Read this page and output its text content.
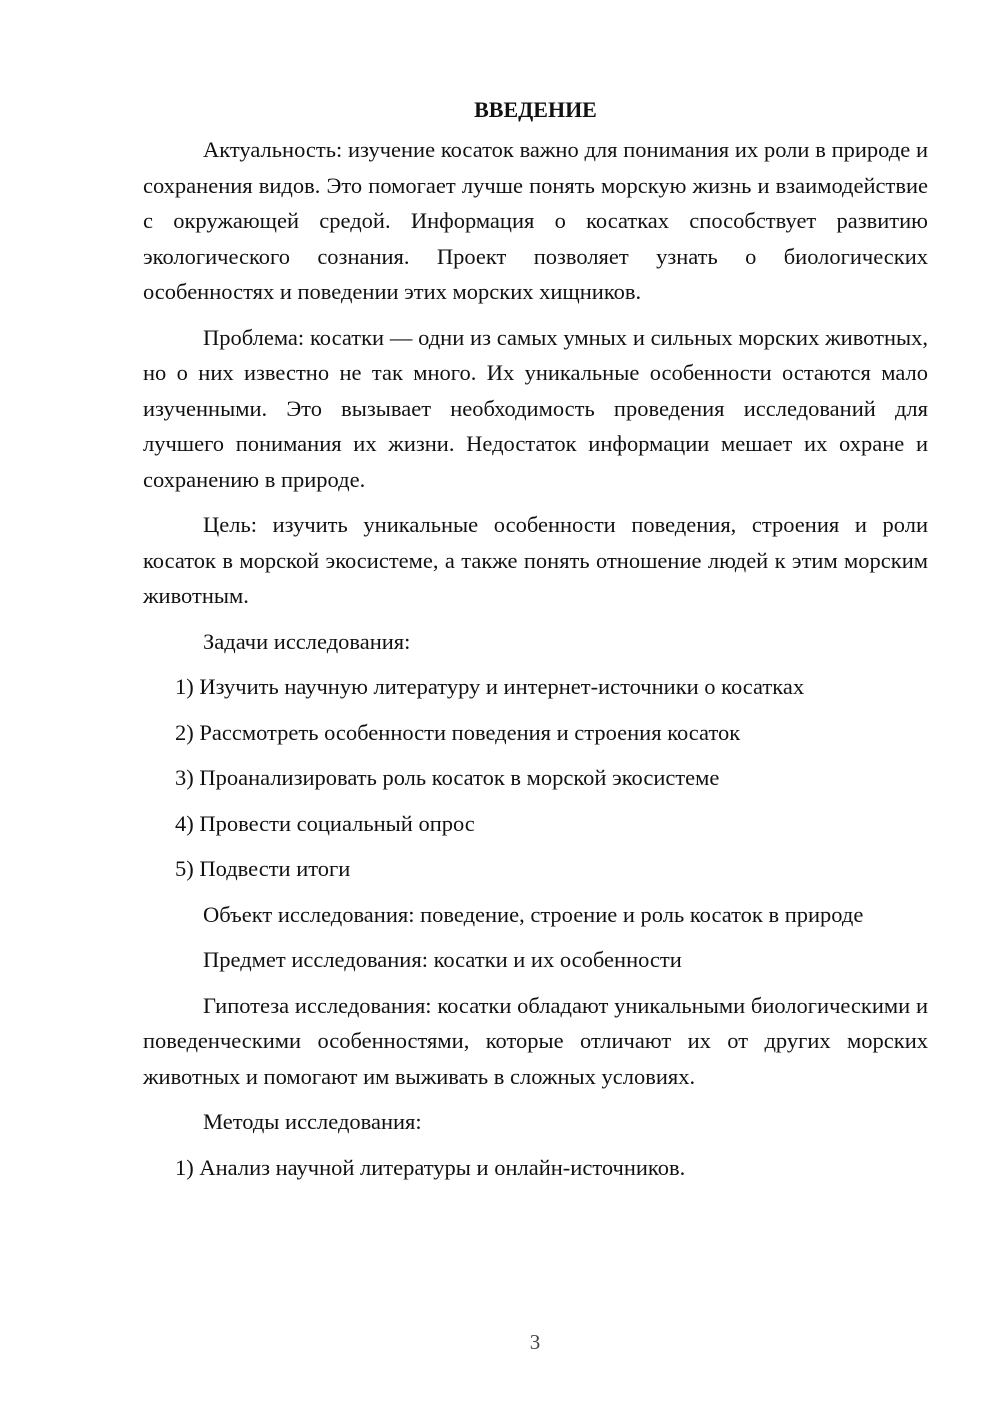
ВВЕДЕНИЕ

Актуальность: изучение косаток важно для понимания их роли в природе и сохранения видов. Это помогает лучше понять морскую жизнь и взаимодействие с окружающей средой. Информация о косатках способствует развитию экологического сознания. Проект позволяет узнать о биологических особенностях и поведении этих морских хищников.

Проблема: косатки — одни из самых умных и сильных морских животных, но о них известно не так много. Их уникальные особенности остаются мало изученными. Это вызывает необходимость проведения исследований для лучшего понимания их жизни. Недостаток информации мешает их охране и сохранению в природе.

Цель: изучить уникальные особенности поведения, строения и роли косаток в морской экосистеме, а также понять отношение людей к этим морским животным.

Задачи исследования:

1) Изучить научную литературу и интернет-источники о косатках
2) Рассмотреть особенности поведения и строения косаток
3) Проанализировать роль косаток в морской экосистеме
4) Провести социальный опрос
5) Подвести итоги

Объект исследования: поведение, строение и роль косаток в природе

Предмет исследования: косатки и их особенности

Гипотеза исследования: косатки обладают уникальными биологическими и поведенческими особенностями, которые отличают их от других морских животных и помогают им выживать в сложных условиях.

Методы исследования:

1) Анализ научной литературы и онлайн-источников.
3
